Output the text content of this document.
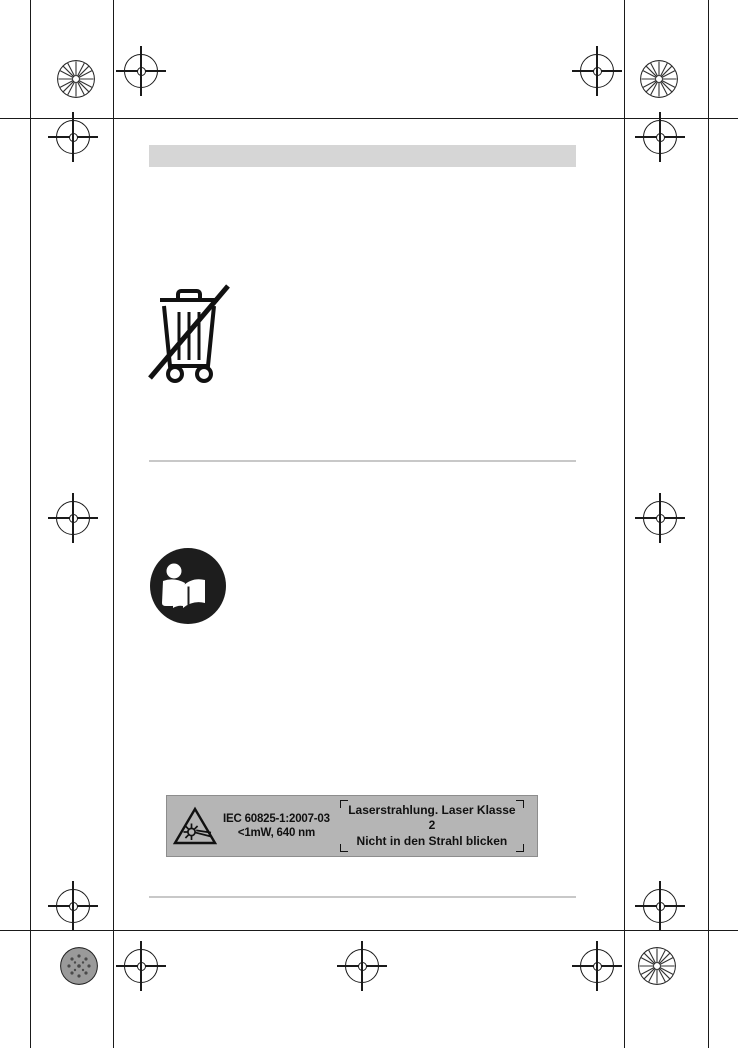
IEC 60825-1:2007-03
<1mW, 640 nm
Laserstrahlung. Laser Klasse 2
Nicht in den Strahl blicken
